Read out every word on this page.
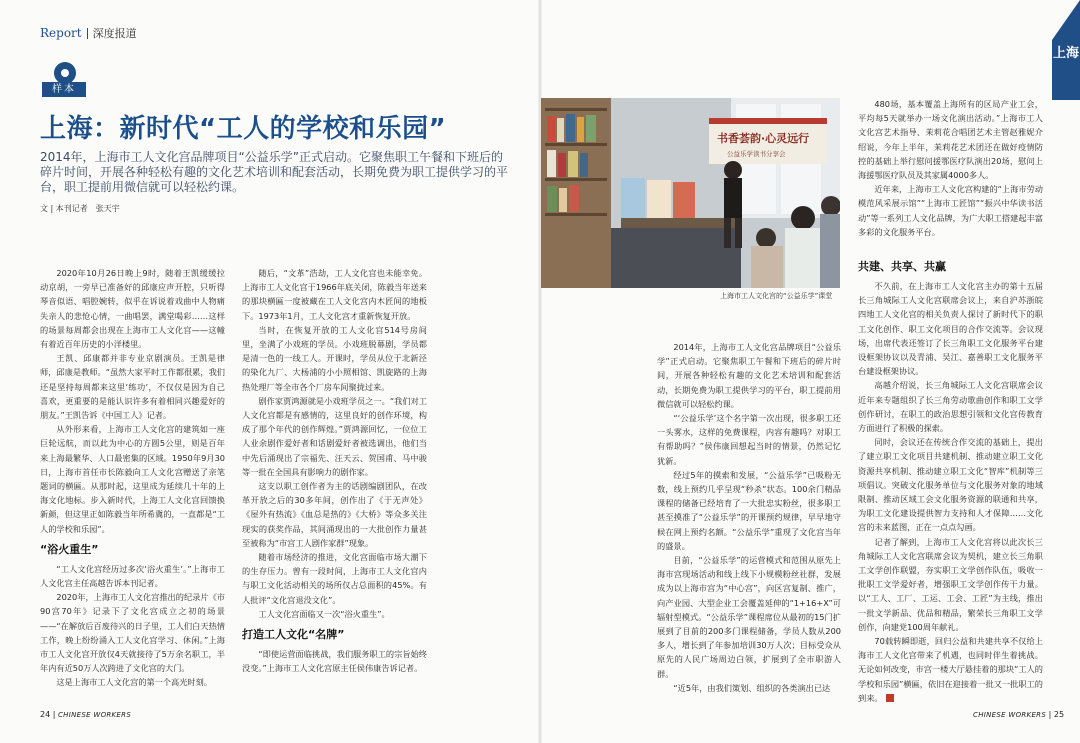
Report 深度报道
样本
上海：新时代“工人的学校和乐园”
2014年，上海市工人文化宫品牌项目“公益乐学”正式启动。它聚焦职工午餐和下班后的碎片时间，开展各种轻松有趣的文化艺术培训和配套活动，长期免费为职工提供学习的平台，职工提前用微信就可以轻松约课。
文 | 本刊记者　张天宇

2020年10月26日晚上9时，随着王凯缓缓拉动京胡，一旁早已准备好的邱康应声开腔，只听得琴音似语、唱腔婉转，似乎在诉说着戏曲中人物痛失亲人的悲怆心情，一曲唱罢，满堂喝彩……这样的场景每周都会出现在上海市工人文化宫——这幢有着近百年历史的小洋楼里。

王凯、邱康都并非专业京剧演员。王凯是律师，邱康是教师。“虽然大家平时工作都很累，我们还是坚持每周都来这里‘练功’，不仅仅是因为自己喜欢，更重要的是能认识许多有着相同兴趣爱好的朋友。”王凯告诉《中国工人》记者。

从外形来看，上海市工人文化宫的建筑如一座巨轮远航，而以此为中心的方圆5公里，则是百年来上海最繁华、人口最密集的区域。1950年9月30日，上海市首任市长陈毅向工人文化宫赠送了亲笔题词的横匾。从那时起，这里成为延续几十年的上海文化地标。步入新时代，上海工人文化宫回馈换新颜，但这里正如陈毅当年所希冀的，一直都是“工人的学校和乐园”。

“浴火重生”

“工人文化宫经历过多次‘浴火重生’。”上海市工人文化宫主任高越告诉本刊记者。

2020年，上海市工人文化宫推出的纪录片《市90宫70年》记录下了文化宫成立之初的场景——“在解放后百废待兴的日子里，工人们白天热情工作，晚上纷纷涌入工人文化宫学习、休闲。”上海市工人文化宫开放仅4天就接待了5万余名职工，半年内有近50万人次跨进了文化宫的大门。

这是上海市工人文化宫的第一个高光时刻。

随后，“文革”浩劫，工人文化宫也未能幸免。上海市工人文化宫于1966年底关闭，陈毅当年送来的那块横匾一度被藏在工人文化宫内木匠间的地板下。1973年1月，工人文化宫才重新恢复开放。

当时，在恢复开放的工人文化宫514号房间里，坐满了小戏班的学员。小戏班脱幕剧，学员都是清一色的一线工人。开课时，学员从位于北新泾的染化九厂、大杨浦的小小照相馆、凯旋路的上海热处理厂等全市各个厂房车间聚拢过来。

剧作家贾鸿源就是小戏班学员之一。“我们对工人文化宫都是有感情的，这里良好的创作环境，构成了那个年代的创作辉煌。”贾鸿源回忆，一位位工人业余剧作爱好者和话剧爱好者被选调出，他们当中先后涌现出了宗福先、汪天云、贺国甫、马中骏等一批在全国具有影响力的剧作家。

这支以职工创作者为主的话剧编剧团队，在改革开放之后的30多年间，创作出了《于无声处》《屋外有热流》《血总是热的》《大桥》等众多关注现实的获奖作品，其间涌现出的一大批创作力量甚至被称为“市宫工人剧作家群”现象。

随着市场经济的推进，文化宫面临市场大潮下的生存压力。曾有一段时间，上海市工人文化宫内与职工文化活动相关的场所仅占总面积的45%。有人批评“文化宫退没文化”。

工人文化宫面临又一次“浴火重生”。

打造工人文化“名牌”

“即使运营面临挑战，我们服务职工的宗旨始终没变。”上海市工人文化宫原主任侯伟康告诉记者。

书香荟韵·心灵远行
公益乐学读书分享会
上海市工人文化宫的“公益乐学”课堂

2014年，上海市工人文化宫品牌项目“公益乐学”正式启动。它聚焦职工午餐和下班后的碎片时间，开展各种轻松有趣的文化艺术培训和配套活动，长期免费为职工提供学习的平台，职工提前用微信就可以轻松约课。

“‘公益乐学’这个名字第一次出现，很多职工还一头雾水，这样的免费课程，内容有趣吗？对职工有帮助吗？”侯伟康回想起当时的情景，仍然记忆犹新。

经过5年的摸索和发展，“公益乐学”已吸粉无数，线上预约几乎呈现“秒杀”状态。100余门精品课程的储备已经培育了一大批忠实粉丝，很多职工甚至摸准了“公益乐学”的开课预约规律，早早地守候在网上预约名额。“公益乐学”重现了文化宫当年的盛景。

目前，“公益乐学”的运营模式和范围从原先上海市宫现场活动和线上线下小规模粉丝社群，发展成为以上海市宫为“中心宫”，向区宫复制、推广，向产业园、大型企业工会覆盖延伸的“1+16+X”可辐射型模式。“公益乐学”课程席位从最初的15门扩展到了目前的200多门课程储备，学员人数从200多人，增长到了年参加培训30万人次；目标受众从原先的人民广场周边白领，扩展到了全市职游人群。

“近5年，由我们策划、组织的各类演出已达

480场，基本覆盖上海所有的区局产业工会，平均每5天就举办一场文化演出活动。”上海市工人文化宫艺术指导、茉莉花合唱团艺术主管赵雅妮介绍说，今年上半年，茉莉花艺术团还在做好疫情防控的基础上举行慰问援鄂医疗队演出20场，慰问上海援鄂医疗队员及其家属4000多人。

近年来，上海市工人文化宫构建的“上海市劳动模范风采展示馆”“上海市工匠馆”“振兴中华读书活动”等一系列工人文化品牌，为广大职工搭建起丰富多彩的文化服务平台。

共建、共享、共赢

不久前，在上海市工人文化宫主办的第十五届长三角城际工人文化宫联席会议上，来自沪苏浙皖四地工人文化宫的相关负责人探讨了新时代下的职工文化创作、职工文化项目的合作交流等。会议现场，出席代表还签订了长三角职工文化服务平台建设框架协议以及青浦、吴江、嘉善职工文化服务平台建设框架协议。

高越介绍说，长三角城际工人文化宫联席会议近年来专题组织了长三角劳动歌曲创作和职工文学创作研讨，在职工的政治思想引领和文化宫传教育方面进行了积极的探索。

同时，会议还在传统合作交流的基础上，提出了建立职工文化项目共建机制、推动建立职工文化资源共享机制、推动建立职工文化“智库”机制等三项倡议。突破文化服务单位与文化服务对象的地域限制、推动区域工会文化服务资源的联通和共享，为职工文化建设提供智力支持和人才保障……文化宫的未来蓝图，正在一点点勾画。

记者了解到，上海市工人文化宫将以此次长三角城际工人文化宫联席会议为契机，建立长三角职工文学创作联盟，夯实职工文学创作队伍，吸收一批职工文学爱好者，增强职工文学创作传干力量。以“工人、工厂、工运、工会、工匠”为主线，推出一批文学新品、优品和精品，繁荣长三角职工文学创作，向建党100周年献礼。

70载转瞬即逝，回归公益和共建共享不仅给上海市工人文化宫带来了机遇，也同时伴生着挑战。无论如何改变，市宫一楼大厅悬挂着的那块“工人的学校和乐园”横匾，依旧在迎接着一批又一批职工的到来。

上海
24 | CHINESE WORKERS	CHINESE WORKERS | 25
